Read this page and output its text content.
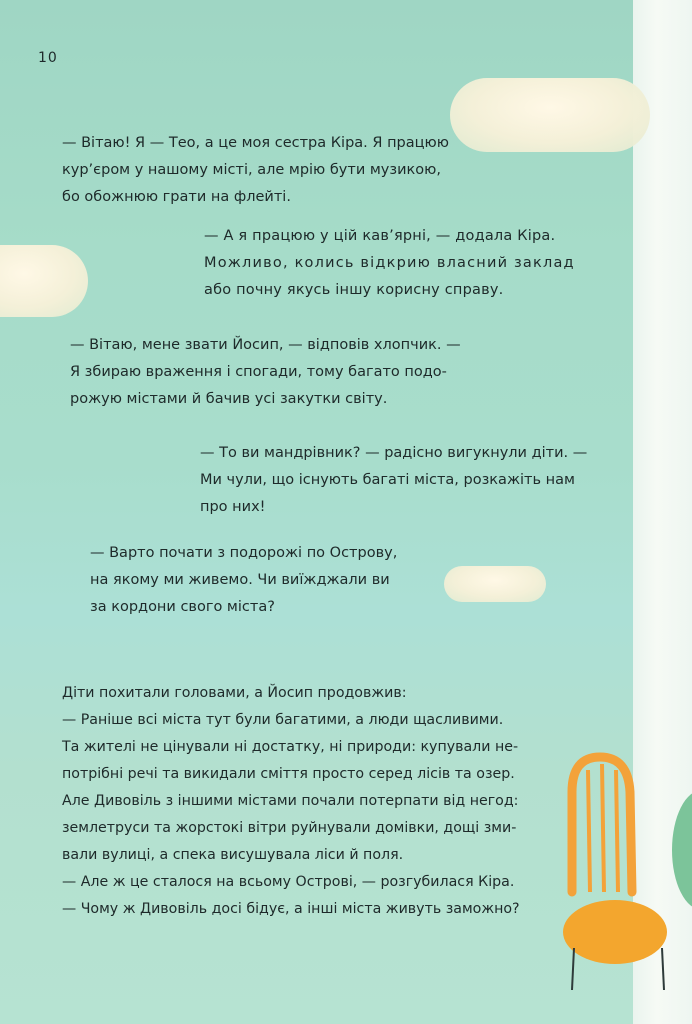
10
— Вітаю! Я — Тео, а це моя сестра Кіра. Я працюю
кур’єром у нашому місті, але мрію бути музикою,
бо обожнюю грати на флейті.
— А я працюю у цій кав’ярні, — додала Кіра.
Можливо, колись відкрию власний заклад
або почну якусь іншу корисну справу.
— Вітаю, мене звати Йосип, — відповів хлопчик. —
Я збираю враження і спогади, тому багато подо-
рожую містами й бачив усі закутки світу.
— То ви мандрівник? — радісно вигукнули діти. —
Ми чули, що існують багаті міста, розкажіть нам
про них!
— Варто почати з подорожі по Острову,
на якому ми живемо. Чи виїжджали ви
за кордони свого міста?
Діти похитали головами, а Йосип продовжив:
— Раніше всі міста тут були багатими, а люди щасливими.
Та жителі не цінували ні достатку, ні природи: купували не-
потрібні речі та викидали сміття просто серед лісів та озер.
Але Дивовіль з іншими містами почали потерпати від негод:
землетруси та жорстокі вітри руйнували домівки, дощі зми-
вали вулиці, а спека висушувала ліси й поля.
— Але ж це сталося на всьому Острові, — розгубилася Кіра.
— Чому ж Дивовіль досі бідує, а інші міста живуть заможно?
